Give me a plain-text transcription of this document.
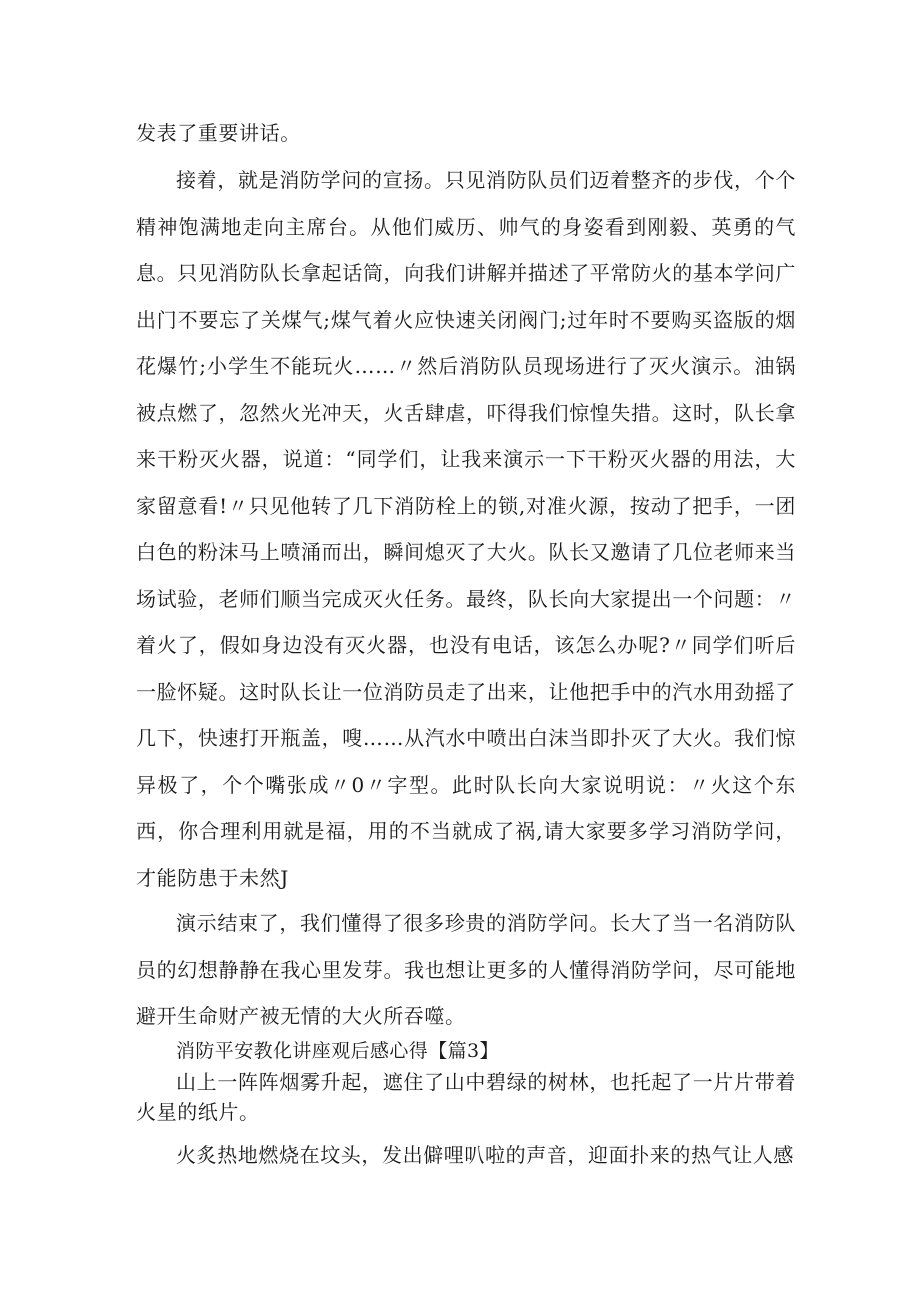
发表了重要讲话。

接着，就是消防学问的宣扬。只见消防队员们迈着整齐的步伐，个个精神饱满地走向主席台。从他们威历、帅气的身姿看到刚毅、英勇的气息。只见消防队长拿起话筒，向我们讲解并描述了平常防火的基本学问广出门不要忘了关煤气;煤气着火应快速关闭阀门;过年时不要购买盗版的烟花爆竹;小学生不能玩火……〃然后消防队员现场进行了灭火演示。油锅被点燃了，忽然火光冲天，火舌肆虐，吓得我们惊惶失措。这时，队长拿来干粉灭火器，说道：“同学们，让我来演示一下干粉灭火器的用法，大家留意看!〃只见他转了几下消防栓上的锁,对准火源，按动了把手，一团白色的粉沫马上喷涌而出，瞬间熄灭了大火。队长又邀请了几位老师来当场试验，老师们顺当完成灭火任务。最终，队长向大家提出一个问题：〃着火了，假如身边没有灭火器，也没有电话，该怎么办呢?〃同学们听后一脸怀疑。这时队长让一位消防员走了出来，让他把手中的汽水用劲摇了几下，快速打开瓶盖，嗖……从汽水中喷出白沫当即扑灭了大火。我们惊异极了，个个嘴张成〃0〃字型。此时队长向大家说明说：〃火这个东西，你合理利用就是福，用的不当就成了祸,请大家要多学习消防学问，才能防患于未然J

演示结束了，我们懂得了很多珍贵的消防学问。长大了当一名消防队员的幻想静静在我心里发芽。我也想让更多的人懂得消防学问，尽可能地避开生命财产被无情的大火所吞噬。

消防平安教化讲座观后感心得【篇3】

山上一阵阵烟雾升起，遮住了山中碧绿的树林，也托起了一片片带着火星的纸片。

火炙热地燃烧在坟头，发出僻哩叭啦的声音，迎面扑来的热气让人感
